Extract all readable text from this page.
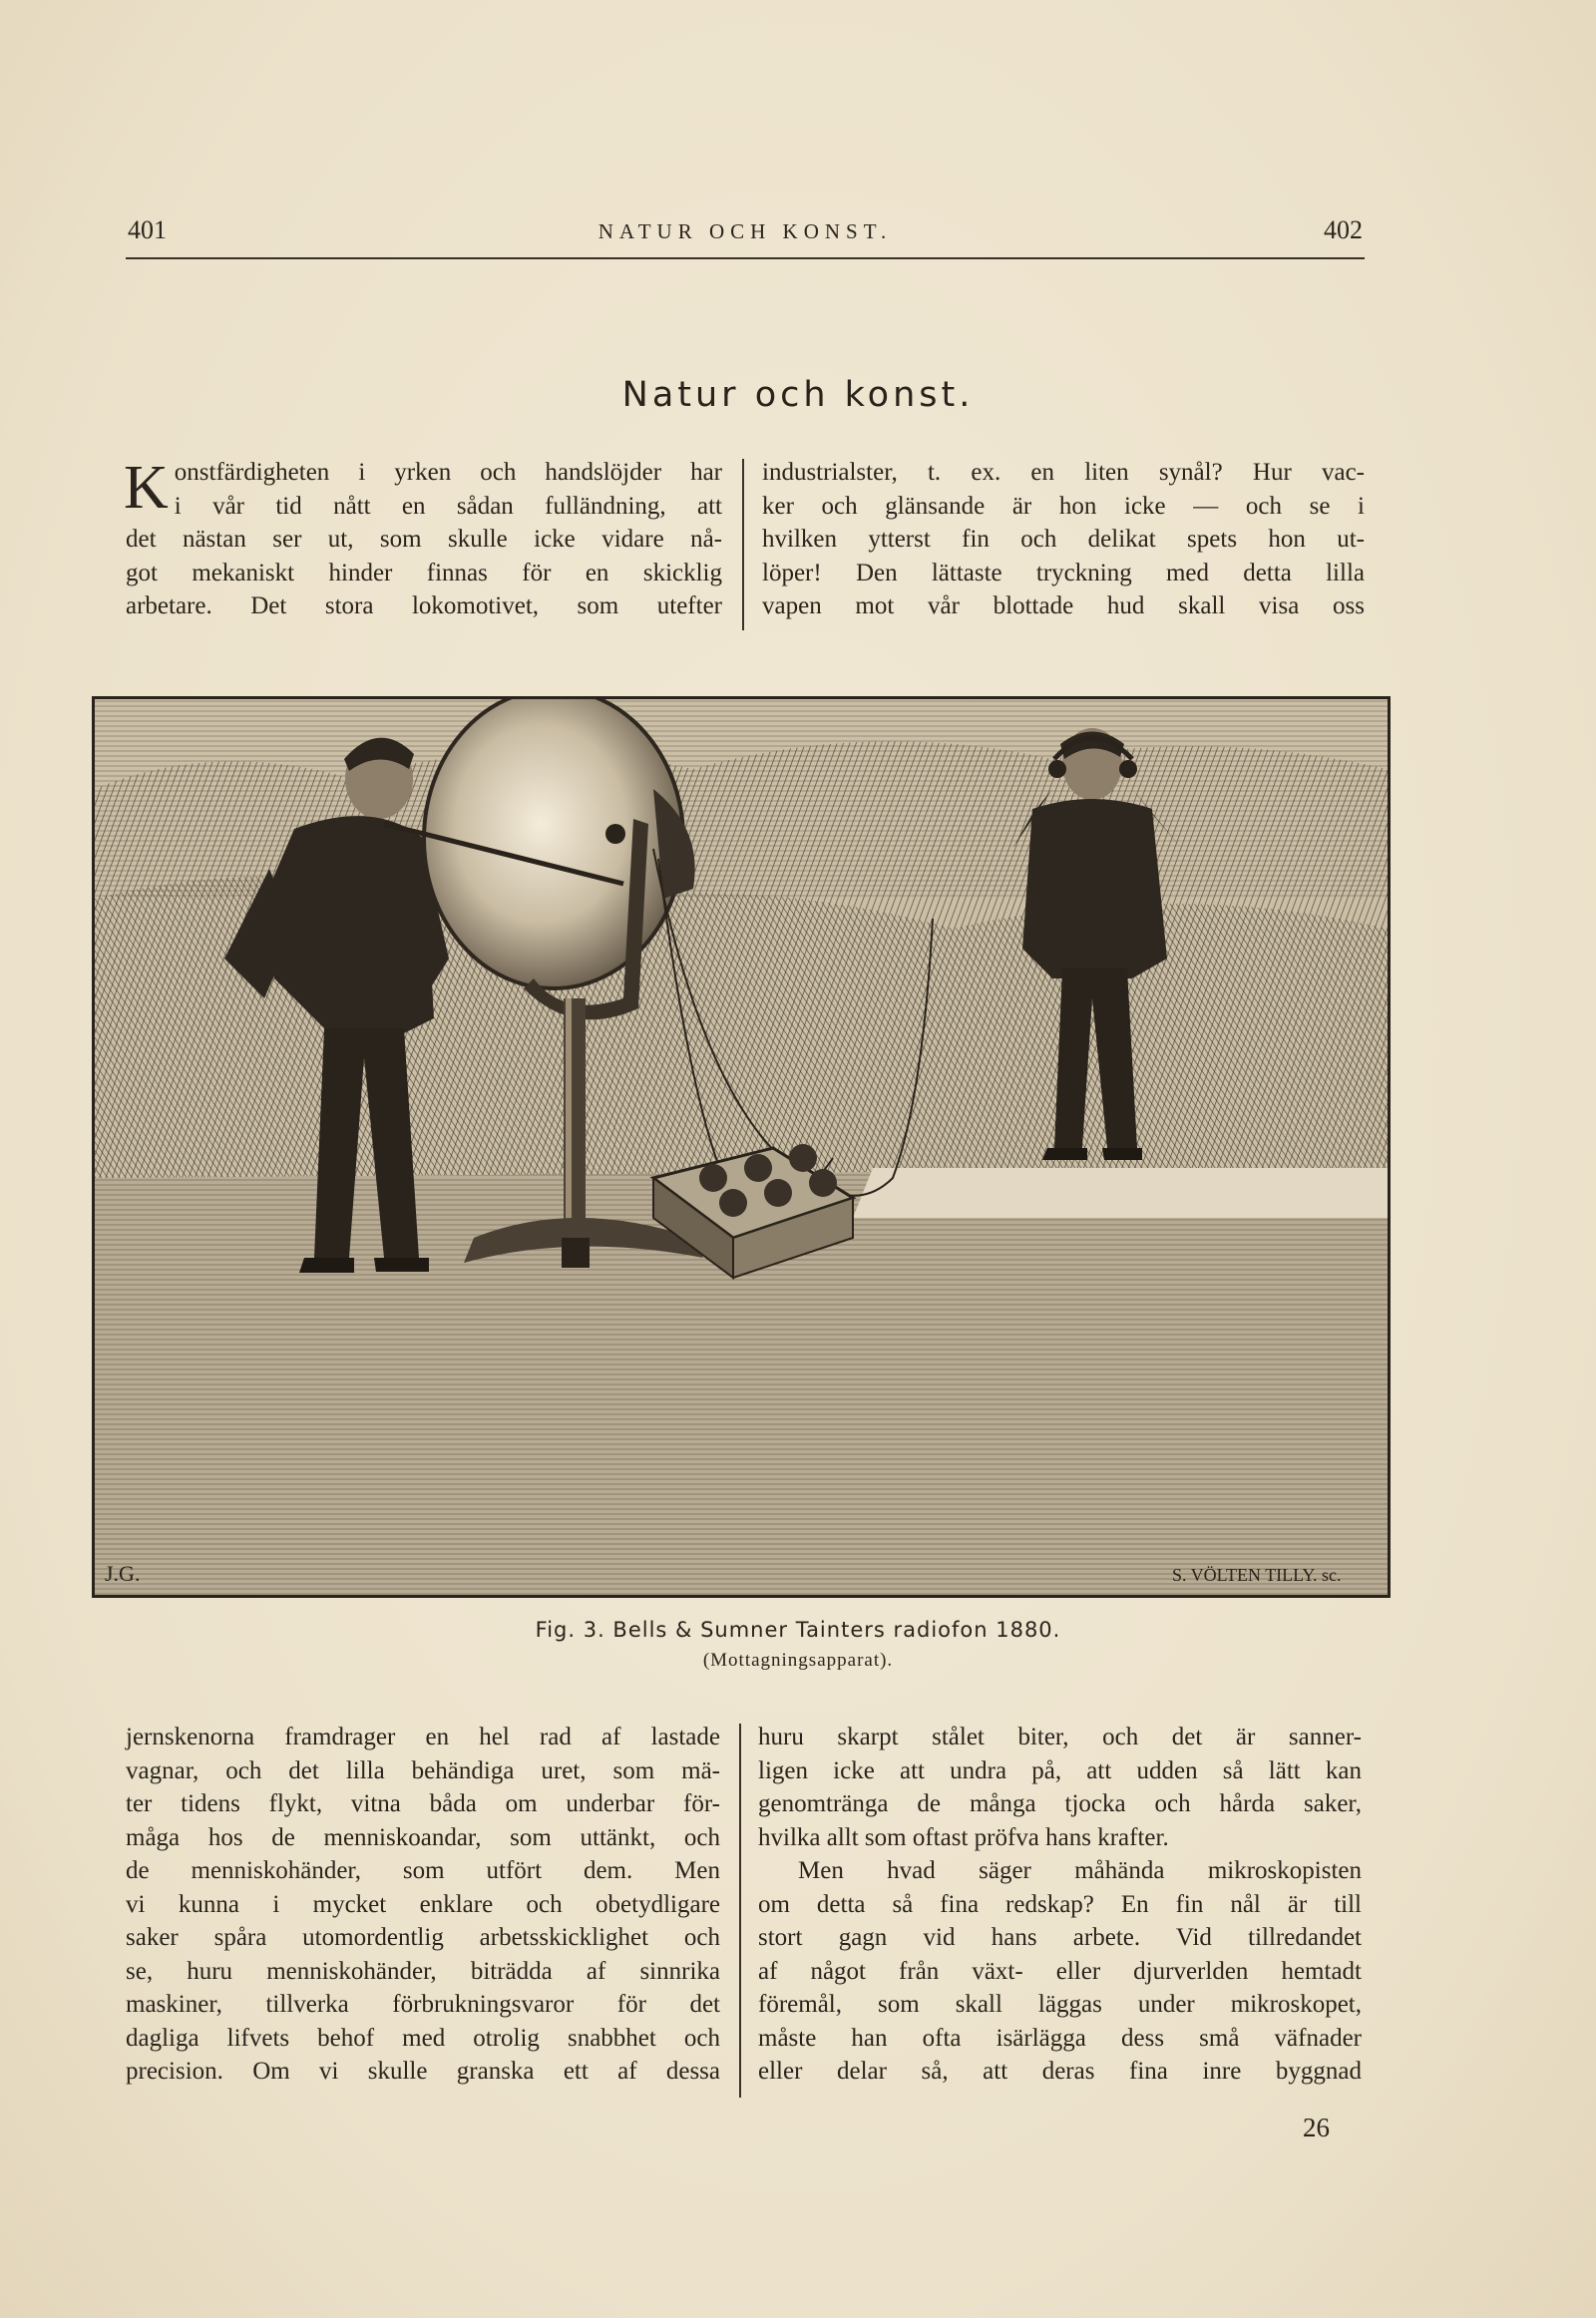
401	NATUR OCH KONST.	402
Natur och konst.
K onstfärdigheten i yrken och handslöjder har
i vår tid nått en sådan fulländning, att
det nästan ser ut, som skulle icke vidare nå-
got mekaniskt hinder finnas för en skicklig
arbetare. Det stora lokomotivet, som utefter
industrialster, t. ex. en liten synål? Hur vac-
ker och glänsande är hon icke — och se i
hvilken ytterst fin och delikat spets hon ut-
löper! Den lättaste tryckning med detta lilla
vapen mot vår blottade hud skall visa oss
J.G.	S. VÖLTEN TILLY. sc.
Fig. 3. Bells & Sumner Tainters radiofon 1880.
(Mottagningsapparat).
jernskenorna framdrager en hel rad af lastade
vagnar, och det lilla behändiga uret, som mä-
ter tidens flykt, vitna båda om underbar för-
måga hos de menniskoandar, som uttänkt, och
de menniskohänder, som utfört dem. Men
vi kunna i mycket enklare och obetydligare
saker spåra utomordentlig arbetsskicklighet och
se, huru menniskohänder, biträdda af sinnrika
maskiner, tillverka förbrukningsvaror för det
dagliga lifvets behof med otrolig snabbhet och
precision. Om vi skulle granska ett af dessa
huru skarpt stålet biter, och det är sanner-
ligen icke att undra på, att udden så lätt kan
genomtränga de många tjocka och hårda saker,
hvilka allt som oftast pröfva hans krafter.
Men hvad säger måhända mikroskopisten
om detta så fina redskap? En fin nål är till
stort gagn vid hans arbete. Vid tillredandet
af något från växt- eller djurverlden hemtadt
föremål, som skall läggas under mikroskopet,
måste han ofta isärlägga dess små väfnader
eller delar så, att deras fina inre byggnad
26
